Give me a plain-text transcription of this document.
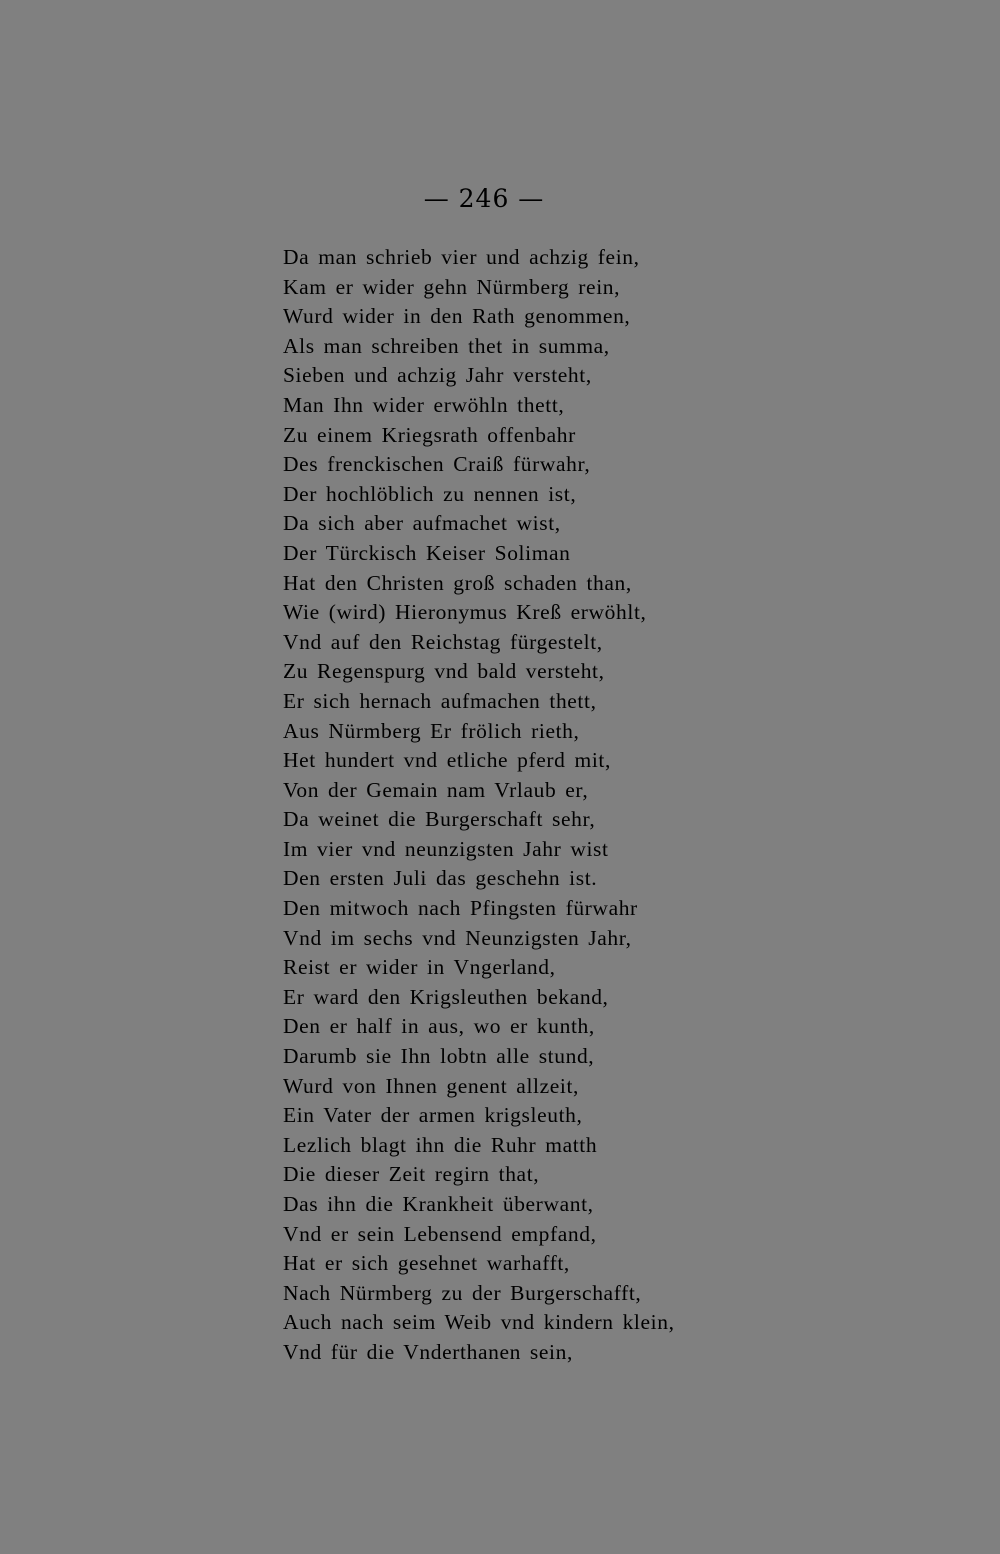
— 246 —
Da man schrieb vier und achzig fein,
Kam er wider gehn Nürmberg rein,
Wurd wider in den Rath genommen,
Als man schreiben thet in summa,
Sieben und achzig Jahr versteht,
Man Ihn wider erwöhln thett,
Zu einem Kriegsrath offenbahr
Des frenckischen Craiß fürwahr,
Der hochlöblich zu nennen ist,
Da sich aber aufmachet wist,
Der Türckisch Keiser Soliman
Hat den Christen groß schaden than,
Wie (wird) Hieronymus Kreß erwöhlt,
Vnd auf den Reichstag fürgestelt,
Zu Regenspurg vnd bald versteht,
Er sich hernach aufmachen thett,
Aus Nürmberg Er frölich rieth,
Het hundert vnd etliche pferd mit,
Von der Gemain nam Vrlaub er,
Da weinet die Burgerschaft sehr,
Im vier vnd neunzigsten Jahr wist
Den ersten Juli das geschehn ist.
Den mitwoch nach Pfingsten fürwahr
Vnd im sechs vnd Neunzigsten Jahr,
Reist er wider in Vngerland,
Er ward den Krigsleuthen bekand,
Den er half in aus, wo er kunth,
Darumb sie Ihn lobtn alle stund,
Wurd von Ihnen genent allzeit,
Ein Vater der armen krigsleuth,
Lezlich blagt ihn die Ruhr matth
Die dieser Zeit regirn that,
Das ihn die Krankheit überwant,
Vnd er sein Lebensend empfand,
Hat er sich gesehnet warhafft,
Nach Nürmberg zu der Burgerschafft,
Auch nach seim Weib vnd kindern klein,
Vnd für die Vnderthanen sein,
